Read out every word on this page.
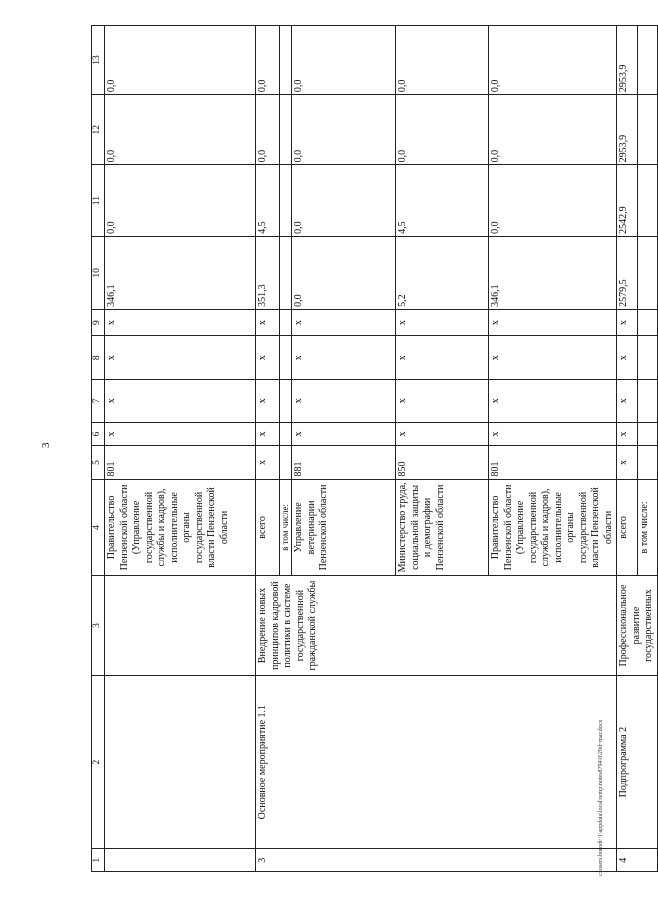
3
c:\users\borodi~1\appdata\local\temp\notes8794\0\29d~mar.docx
1	2	3	4	5	6	7	8	9	10	11	12	13
			Правительство Пензенской области (Управление государственной службы и кадров), исполнительные органы государственной власти Пензенской области	801	х	х	х	х	346,1	0,0	0,0	0,0
3	Основное мероприятие 1.1	Внедрение новых принципов кадровой политики в системе государственной гражданской службы	всего	х	х	х	х	х	351,3	4,5	0,0	0,0
			в том числе:									
			Управление ветеринарии Пензенской области	881	х	х	х	х	0,0	0,0	0,0	0,0
			Министерство труда, социальной защиты и демографии Пензенской области	850	х	х	х	х	5,2	4,5	0,0	0,0
			Правительство Пензенской области (Управление государственной службы и кадров), исполнительные органы государственной власти Пензенской области	801	х	х	х	х	346,1	0,0	0,0	0,0
4	Подпрограмма 2	Профессиональное развитие государственных	всего	х	х	х	х	х	2579,5	2542,9	2953,9	2953,9
			в том числе:									
